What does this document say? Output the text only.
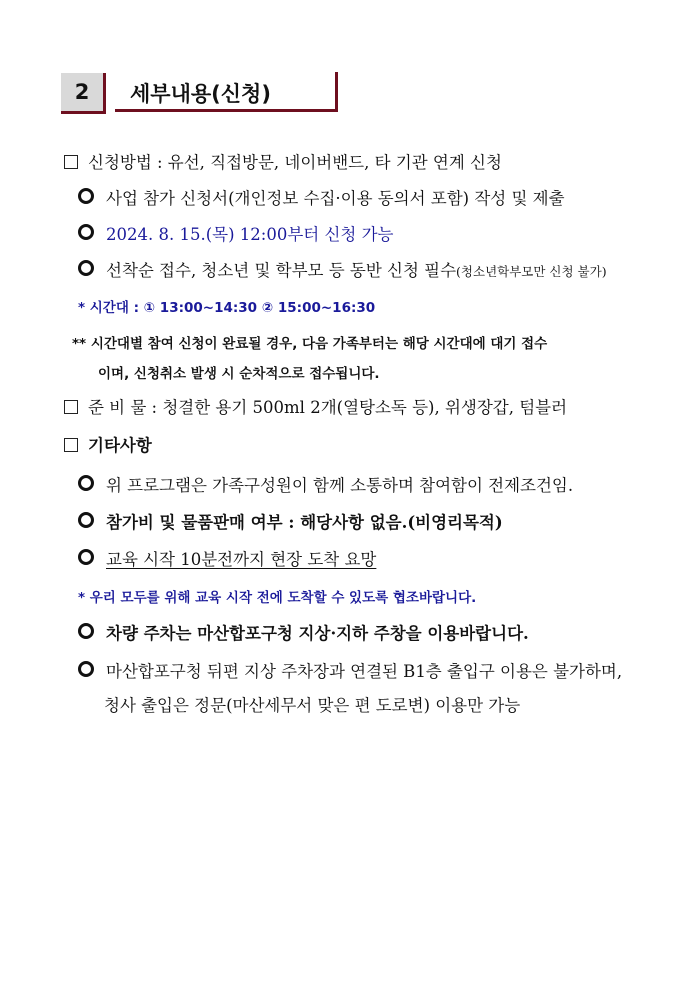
2 세부내용(신청)
신청방법 : 유선, 직접방문, 네이버밴드, 타 기관 연계 신청
사업 참가 신청서(개인정보 수집·이용 동의서 포함) 작성 및 제출
2024. 8. 15.(목) 12:00부터 신청 가능
선착순 접수, 청소년 및 학부모 등 동반 신청 필수(청소년학부모만 신청 불가)
* 시간대 : ① 13:00~14:30 ② 15:00~16:30
** 시간대별 참여 신청이 완료될 경우, 다음 가족부터는 해당 시간대에 대기 접수
이며, 신청취소 발생 시 순차적으로 접수됩니다.
준 비 물 : 청결한 용기 500ml 2개(열탕소독 등), 위생장갑, 텀블러
기타사항
위 프로그램은 가족구성원이 함께 소통하며 참여함이 전제조건임.
참가비 및 물품판매 여부 : 해당사항 없음.(비영리목적)
교육 시작 10분전까지 현장 도착 요망
* 우리 모두를 위해 교육 시작 전에 도착할 수 있도록 협조바랍니다.
차량 주차는 마산합포구청 지상·지하 주창을 이용바랍니다.
마산합포구청 뒤편 지상 주차장과 연결된 B1층 출입구 이용은 불가하며,
청사 출입은 정문(마산세무서 맞은 편 도로변) 이용만 가능
